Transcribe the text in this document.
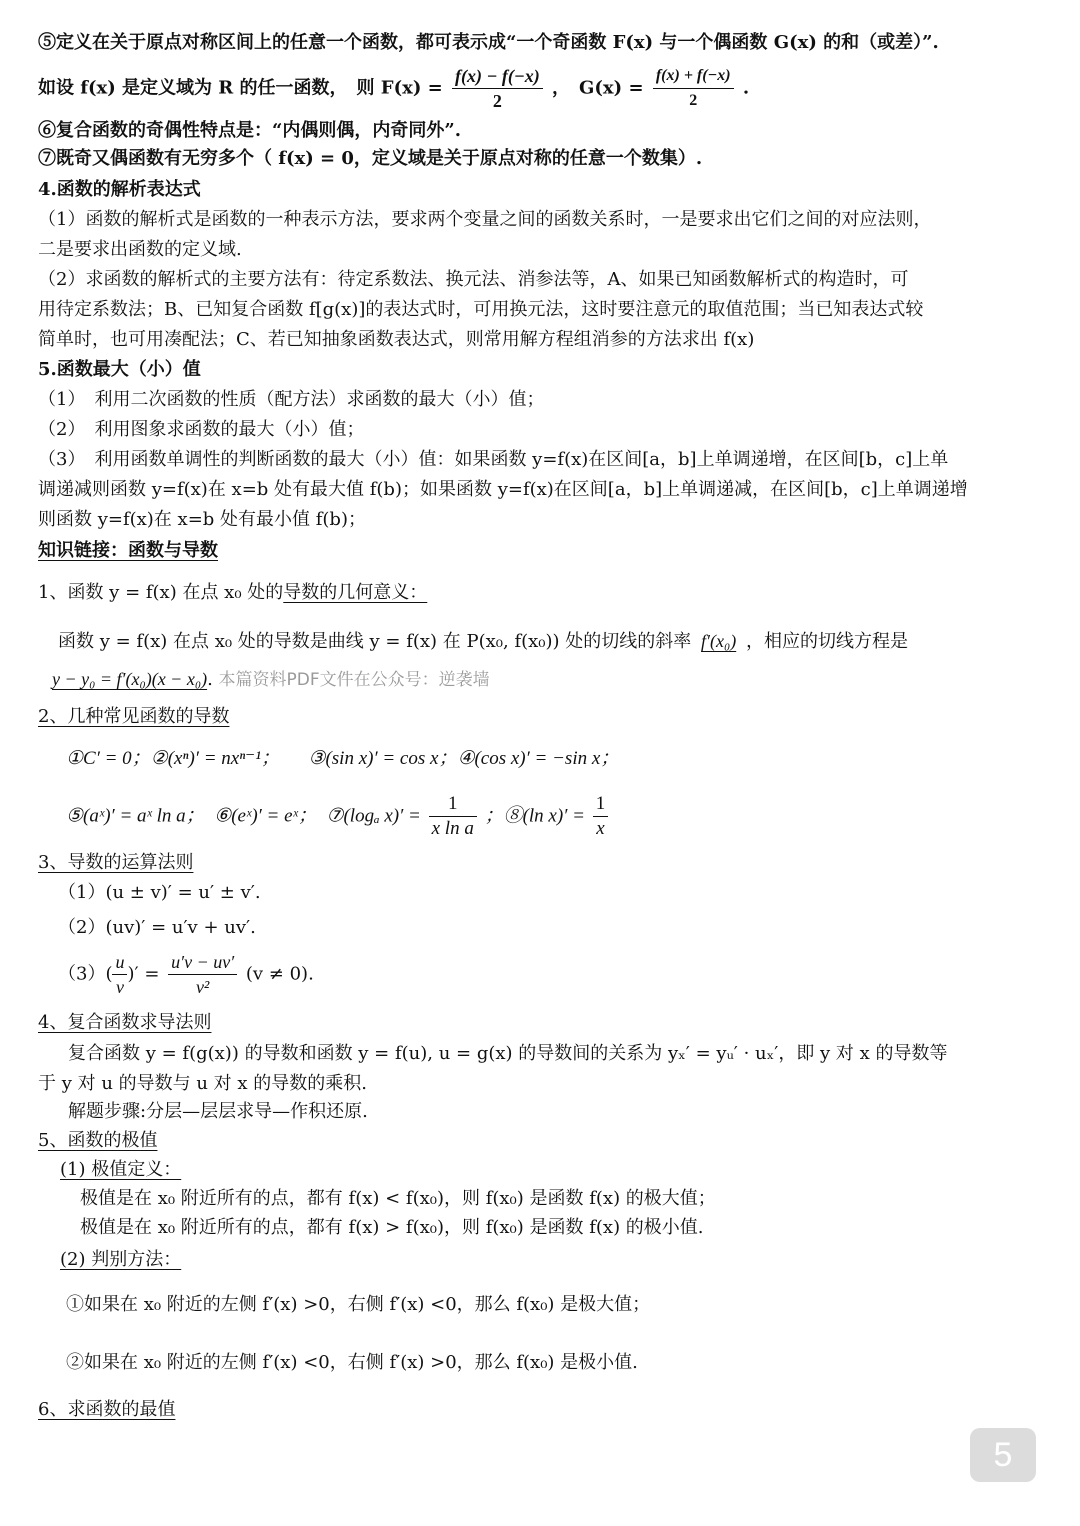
⑤定义在关于原点对称区间上的任意一个函数，都可表示成“一个奇函数 F(x) 与一个偶函数 G(x) 的和（或差）”.
如设 f(x) 是定义域为 R 的任一函数，　则 $F(x) = \frac{f(x) - f(-x)}{2}$ ，　$G(x) = \frac{f(x) + f(-x)}{2}$ .
⑥复合函数的奇偶性特点是：“内偶则偶，内奇同外”.
⑦既奇又偶函数有无穷多个（ f(x) = 0，定义域是关于原点对称的任意一个数集）.
4.函数的解析表达式
（1）函数的解析式是函数的一种表示方法，要求两个变量之间的函数关系时，一是要求出它们之间的对应法则，
二是要求出函数的定义域.
（2）求函数的解析式的主要方法有：待定系数法、换元法、消参法等，A、如果已知函数解析式的构造时，可
用待定系数法；B、已知复合函数 f[g(x)]的表达式时，可用换元法，这时要注意元的取值范围；当已知表达式较
简单时，也可用凑配法；C、若已知抽象函数表达式，则常用解方程组消参的方法求出 f(x)
5.函数最大（小）值
（1）　利用二次函数的性质（配方法）求函数的最大（小）值；
（2）　利用图象求函数的最大（小）值；
（3）　利用函数单调性的判断函数的最大（小）值：如果函数 y=f(x)在区间[a，b]上单调递增，在区间[b，c]上单
调递减则函数 y=f(x)在 x=b 处有最大值 f(b)；如果函数 y=f(x)在区间[a，b]上单调递减，在区间[b，c]上单调递增
则函数 y=f(x)在 x=b 处有最小值 f(b)；
知识链接：函数与导数
1、函数 y = f(x) 在点 x₀ 处的导数的几何意义：
函数 y = f(x) 在点 x₀ 处的导数是曲线 y = f(x) 在 P(x₀, f(x₀)) 处的切线的斜率 f′(x₀) ，相应的切线方程是
y − y₀ = f′(x₀)(x − x₀). 本篇资料PDF文件在公众号：逆袭墙
2、几种常见函数的导数
①C′ = 0；②(xⁿ)′ = nxⁿ⁻¹；　　③(sin x)′ = cos x；④(cos x)′ = −sin x；
⑤(aˣ)′ = aˣ ln a；　⑥(eˣ)′ = eˣ；　⑦(logₐ $x)' = \frac{1}{\text{x ln a}}$ ；⑧(ln $x)' = \frac{1}{x}$
3、导数的运算法则
（1）(u ± v)′ = u′ ± v′.
（2）(uv)′ = u′v + uv′.
$(3)( \frac{u}{v}$ )′ = $\frac{u'v - uv'}{\text{v²}} (v \ne 0)$.
4、复合函数求导法则
复合函数 y = f(g(x)) 的导数和函数 y = f(u), u = g(x) 的导数间的关系为 yₓ′ = yᵤ′ · uₓ′，即 y 对 x 的导数等
于 y 对 u 的导数与 u 对 x 的导数的乘积.
解题步骤:分层—层层求导—作积还原.
5、函数的极值
(1) 极值定义：
极值是在 x₀ 附近所有的点，都有 f(x) < f(x₀)，则 f(x₀) 是函数 f(x) 的极大值；
极值是在 x₀ 附近所有的点，都有 f(x) > f(x₀)，则 f(x₀) 是函数 f(x) 的极小值.
(2) 判别方法：
①如果在 x₀ 附近的左侧 f′(x) >0，右侧 f′(x) <0，那么 f(x₀) 是极大值；
②如果在 x₀ 附近的左侧 f′(x) <0，右侧 f′(x) >0，那么 f(x₀) 是极小值.
6、求函数的最值
5
